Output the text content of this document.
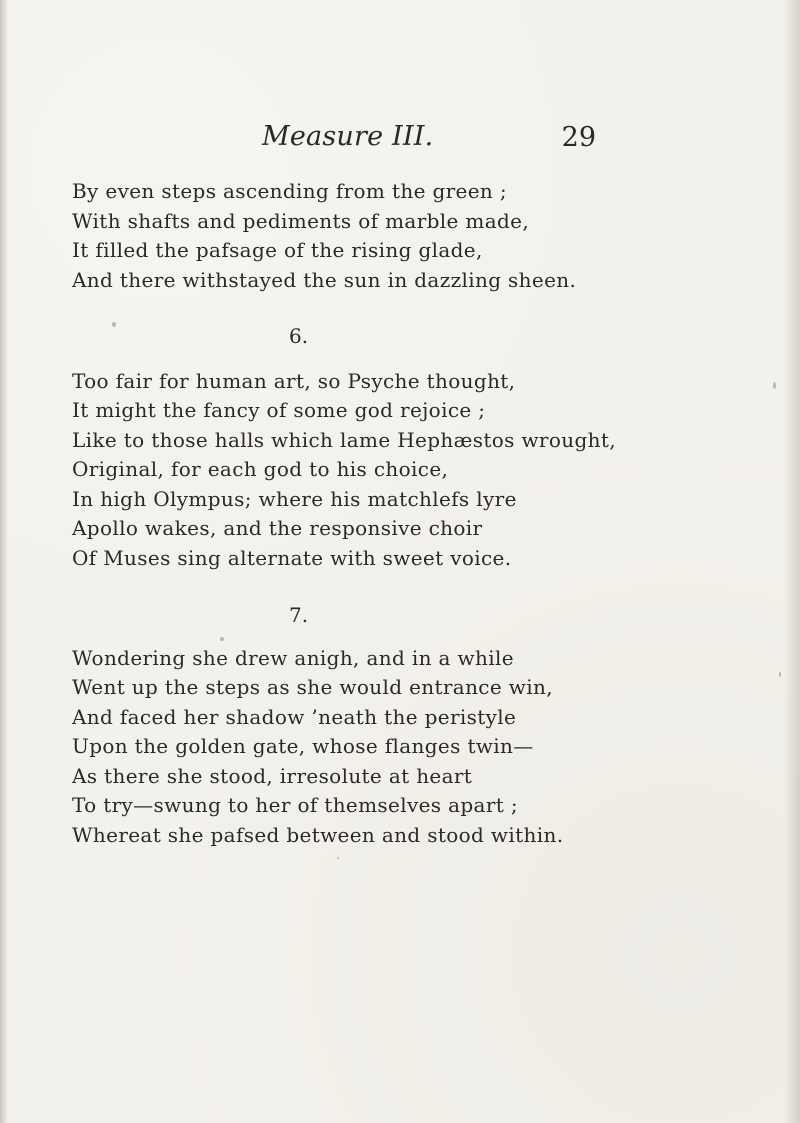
Measure III.	29
By even steps ascending from the green ;
With shafts and pediments of marble made,
It filled the pafsage of the rising glade,
And there withstayed the sun in dazzling sheen.
6.
Too fair for human art, so Psyche thought,
It might the fancy of some god rejoice ;
Like to those halls which lame Hephæstos wrought,
Original, for each god to his choice,
In high Olympus; where his matchlefs lyre
Apollo wakes, and the responsive choir
Of Muses sing alternate with sweet voice.
7.
Wondering she drew anigh, and in a while
Went up the steps as she would entrance win,
And faced her shadow ’neath the peristyle
Upon the golden gate, whose flanges twin—
As there she stood, irresolute at heart
To try—swung to her of themselves apart ;
Whereat she pafsed between and stood within.
